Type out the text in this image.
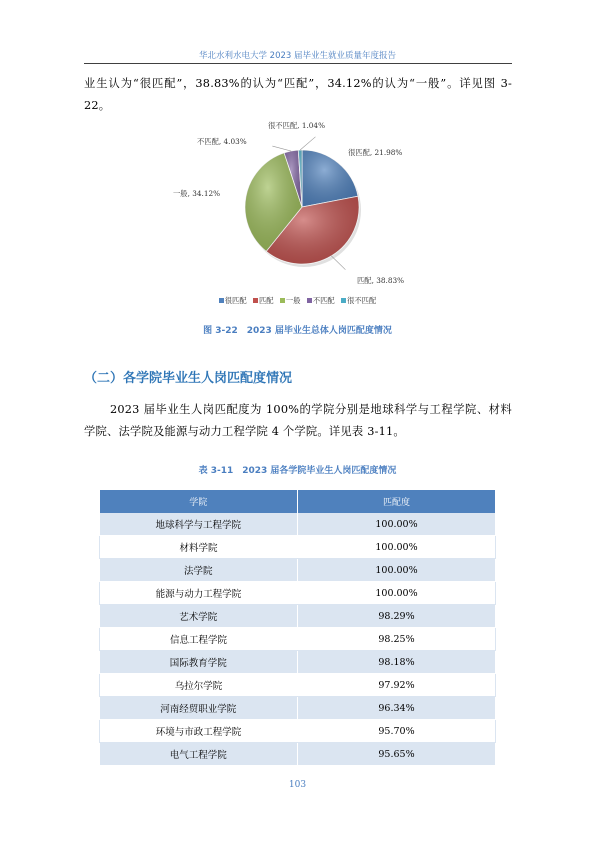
华北水利水电大学 2023 届毕业生就业质量年度报告
业生认为“很匹配”，38.83%的认为“匹配”，34.12%的认为“一般”。详见图 3-22。
很匹配, 21.98%
匹配, 38.83%
一般, 34.12%
不匹配, 4.03%
很不匹配, 1.04%
很匹配 匹配 一般 不匹配 很不匹配
图 3-22　2023 届毕业生总体人岗匹配度情况
（二）各学院毕业生人岗匹配度情况
2023 届毕业生人岗匹配度为 100%的学院分别是地球科学与工程学院、材料学院、法学院及能源与动力工程学院 4 个学院。详见表 3-11。
表 3-11　2023 届各学院毕业生人岗匹配度情况
学院	匹配度
地球科学与工程学院	100.00%
材料学院	100.00%
法学院	100.00%
能源与动力工程学院	100.00%
艺术学院	98.29%
信息工程学院	98.25%
国际教育学院	98.18%
乌拉尔学院	97.92%
河南经贸职业学院	96.34%
环境与市政工程学院	95.70%
电气工程学院	95.65%
103
